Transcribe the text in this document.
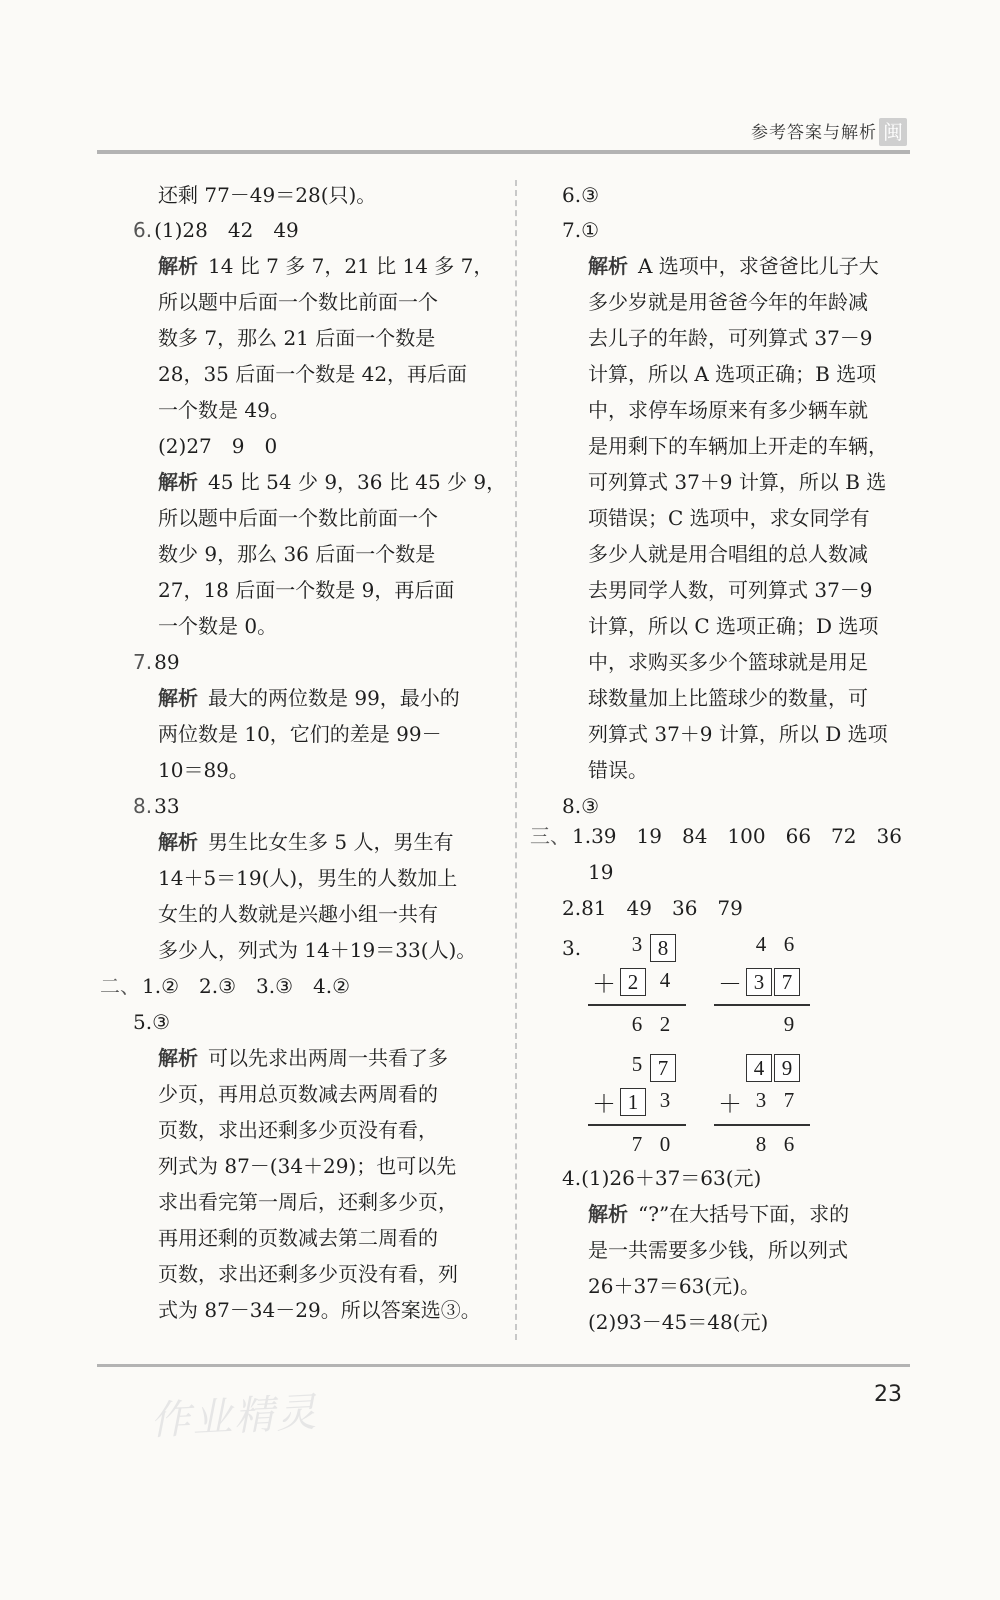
参考答案与解析 闽
还剩 77－49＝28(只)。
6. (1)28　42　49
解析 14 比 7 多 7，21 比 14 多 7，
所以题中后面一个数比前面一个
数多 7，那么 21 后面一个数是
28，35 后面一个数是 42，再后面
一个数是 49。
(2)27　9　0
解析 45 比 54 少 9，36 比 45 少 9，
所以题中后面一个数比前面一个
数少 9，那么 36 后面一个数是
27，18 后面一个数是 9，再后面
一个数是 0。
7. 89
解析 最大的两位数是 99，最小的
两位数是 10，它们的差是 99－
10＝89。
8. 33
解析 男生比女生多 5 人，男生有
14＋5＝19(人)，男生的人数加上
女生的人数就是兴趣小组一共有
多少人，列式为 14＋19＝33(人)。
二、 1.②　2.③　3.③　4.②
5.③
解析 可以先求出两周一共看了多
少页，再用总页数减去两周看的
页数，求出还剩多少页没有看，
列式为 87－(34＋29)；也可以先
求出看完第一周后，还剩多少页，
再用还剩的页数减去第二周看的
页数，求出还剩多少页没有看，列
式为 87－34－29。所以答案选③。
6.③
7.①
解析 A 选项中，求爸爸比儿子大
多少岁就是用爸爸今年的年龄减
去儿子的年龄，可列算式 37－9
计算，所以 A 选项正确；B 选项
中，求停车场原来有多少辆车就
是用剩下的车辆加上开走的车辆，
可列算式 37＋9 计算，所以 B 选
项错误；C 选项中，求女同学有
多少人就是用合唱组的总人数减
去男同学人数，可列算式 37－9
计算，所以 C 选项正确；D 选项
中，求购买多少个篮球就是用足
球数量加上比篮球少的数量，可
列算式 37＋9 计算，所以 D 选项
错误。
8.③
三、 1.39　19　84　100　66　72　36
19
2.81　49　36　79
3.	3 8
＋ 2	4
6 2
4 6
－ 3 7
9
5 7
＋ 1	3
7 0
4 9
＋ 3 7
8 6
4.(1)26＋37＝63(元)
解析 “?”在大括号下面，求的
是一共需要多少钱，所以列式
26＋37＝63(元)。
(2)93－45＝48(元)
23
作业精灵
